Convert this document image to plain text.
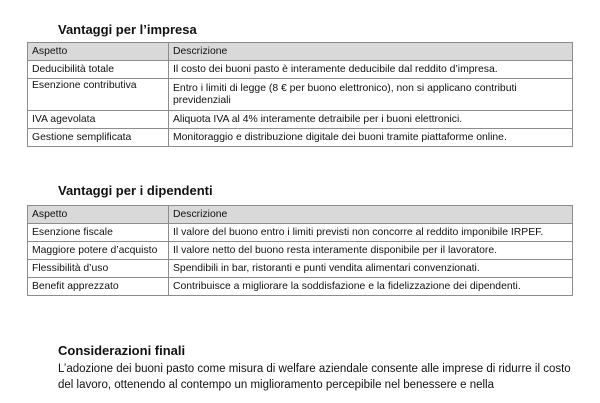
Vantaggi per l’impresa
Aspetto	Descrizione
Deducibilità totale	Il costo dei buoni pasto è interamente deducibile dal reddito d’impresa.
Esenzione contributiva	Entro i limiti di legge (8 € per buono elettronico), non si applicano contributi previdenziali
IVA agevolata	Aliquota IVA al 4% interamente detraibile per i buoni elettronici.
Gestione semplificata	Monitoraggio e distribuzione digitale dei buoni tramite piattaforme online.
Vantaggi per i dipendenti
Aspetto	Descrizione
Esenzione fiscale	Il valore del buono entro i limiti previsti non concorre al reddito imponibile IRPEF.
Maggiore potere d’acquisto	Il valore netto del buono resta interamente disponibile per il lavoratore.
Flessibilità d’uso	Spendibili in bar, ristoranti e punti vendita alimentari convenzionati.
Benefit apprezzato	Contribuisce a migliorare la soddisfazione e la fidelizzazione dei dipendenti.
Considerazioni finali

L’adozione dei buoni pasto come misura di welfare aziendale consente alle imprese di ridurre il costo del lavoro, ottenendo al contempo un miglioramento percepibile nel benessere e nella
